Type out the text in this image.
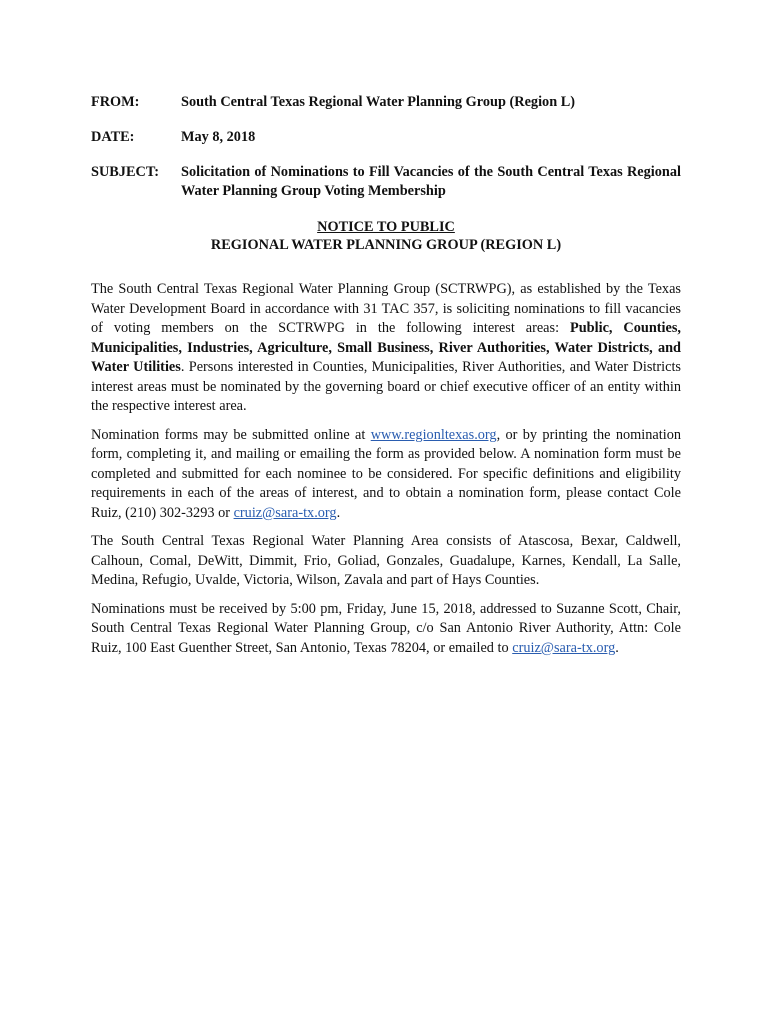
FROM:	South Central Texas Regional Water Planning Group (Region L)
DATE:	May 8, 2018
SUBJECT:	Solicitation of Nominations to Fill Vacancies of the South Central Texas Regional Water Planning Group Voting Membership
NOTICE TO PUBLIC
REGIONAL WATER PLANNING GROUP (REGION L)

The South Central Texas Regional Water Planning Group (SCTRWPG), as established by the Texas Water Development Board in accordance with 31 TAC 357, is soliciting nominations to fill vacancies of voting members on the SCTRWPG in the following interest areas: Public, Counties, Municipalities, Industries, Agriculture, Small Business, River Authorities, Water Districts, and Water Utilities. Persons interested in Counties, Municipalities, River Authorities, and Water Districts interest areas must be nominated by the governing board or chief executive officer of an entity within the respective interest area.

Nomination forms may be submitted online at www.regionltexas.org, or by printing the nomination form, completing it, and mailing or emailing the form as provided below. A nomination form must be completed and submitted for each nominee to be considered. For specific definitions and eligibility requirements in each of the areas of interest, and to obtain a nomination form, please contact Cole Ruiz, (210) 302-3293 or cruiz@sara-tx.org.

The South Central Texas Regional Water Planning Area consists of Atascosa, Bexar, Caldwell, Calhoun, Comal, DeWitt, Dimmit, Frio, Goliad, Gonzales, Guadalupe, Karnes, Kendall, La Salle, Medina, Refugio, Uvalde, Victoria, Wilson, Zavala and part of Hays Counties.

Nominations must be received by 5:00 pm, Friday, June 15, 2018, addressed to Suzanne Scott, Chair, South Central Texas Regional Water Planning Group, c/o San Antonio River Authority, Attn: Cole Ruiz, 100 East Guenther Street, San Antonio, Texas 78204, or emailed to cruiz@sara-tx.org.
